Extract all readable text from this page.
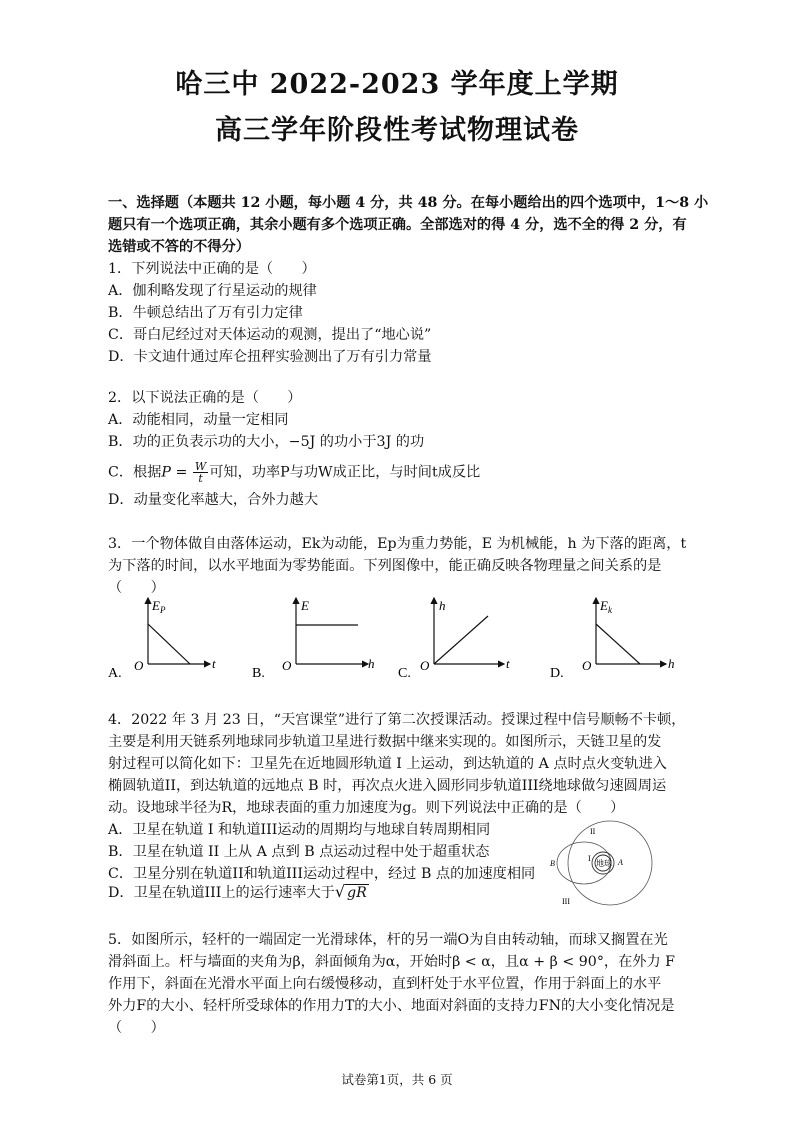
哈三中 2022-2023 学年度上学期
高三学年阶段性考试物理试卷
一、选择题（本题共 12 小题，每小题 4 分，共 48 分。在每小题给出的四个选项中，1～8 小
题只有一个选项正确，其余小题有多个选项正确。全部选对的得 4 分，选不全的得 2 分，有
选错或不答的不得分）
1．下列说法中正确的是（　　）
A．伽利略发现了行星运动的规律
B．牛顿总结出了万有引力定律
C．哥白尼经过对天体运动的观测，提出了“地心说”
D．卡文迪什通过库仑扭秤实验测出了万有引力常量
2．以下说法正确的是（　　）
A．动能相同，动量一定相同
B．功的正负表示功的大小，−5J 的功小于3J 的功
C．根据$P = \frac{W}{t}$ 可知，功率P与功W成正比，与时间t成反比
D．动量变化率越大，合外力越大
3．一个物体做自由落体运动，Ek为动能，Ep为重力势能，E 为机械能，h 为下落的距离，t
为下落的时间，以水平地面为零势能面。下列图像中，能正确反映各物理量之间关系的是
（　　）
A.
$E_P$
t
O
B.
E
h
O
C.
h
t
O
D.
$E_k$
h
O
4．2022 年 3 月 23 日，“天宫课堂”进行了第二次授课活动。授课过程中信号顺畅不卡顿，
主要是利用天链系列地球同步轨道卫星进行数据中继来实现的。如图所示，天链卫星的发
射过程可以简化如下：卫星先在近地圆形轨道 I 上运动，到达轨道的 A 点时点火变轨进入
椭圆轨道II，到达轨道的远地点 B 时，再次点火进入圆形同步轨道III绕地球做匀速圆周运
动。设地球半径为R，地球表面的重力加速度为g。则下列说法中正确的是（　　）
A．卫星在轨道 I 和轨道III运动的周期均与地球自转周期相同
B．卫星在轨道 II 上从 A 点到 B 点运动过程中处于超重状态
C．卫星分别在轨道II和轨道III运动过程中，经过 B 点的加速度相同
D．卫星在轨道III上的运行速率大于√ gR
地球
I
II
III
A
B
5．如图所示，轻杆的一端固定一光滑球体，杆的另一端O为自由转动轴，而球又搁置在光
滑斜面上。杆与墙面的夹角为β，斜面倾角为α，开始时β < α，且α + β < 90°，在外力 F
作用下，斜面在光滑水平面上向右缓慢移动，直到杆处于水平位置，作用于斜面上的水平
外力F的大小、轻杆所受球体的作用力T的大小、地面对斜面的支持力FN的大小变化情况是
（　　）
试卷第1页，共 6 页
